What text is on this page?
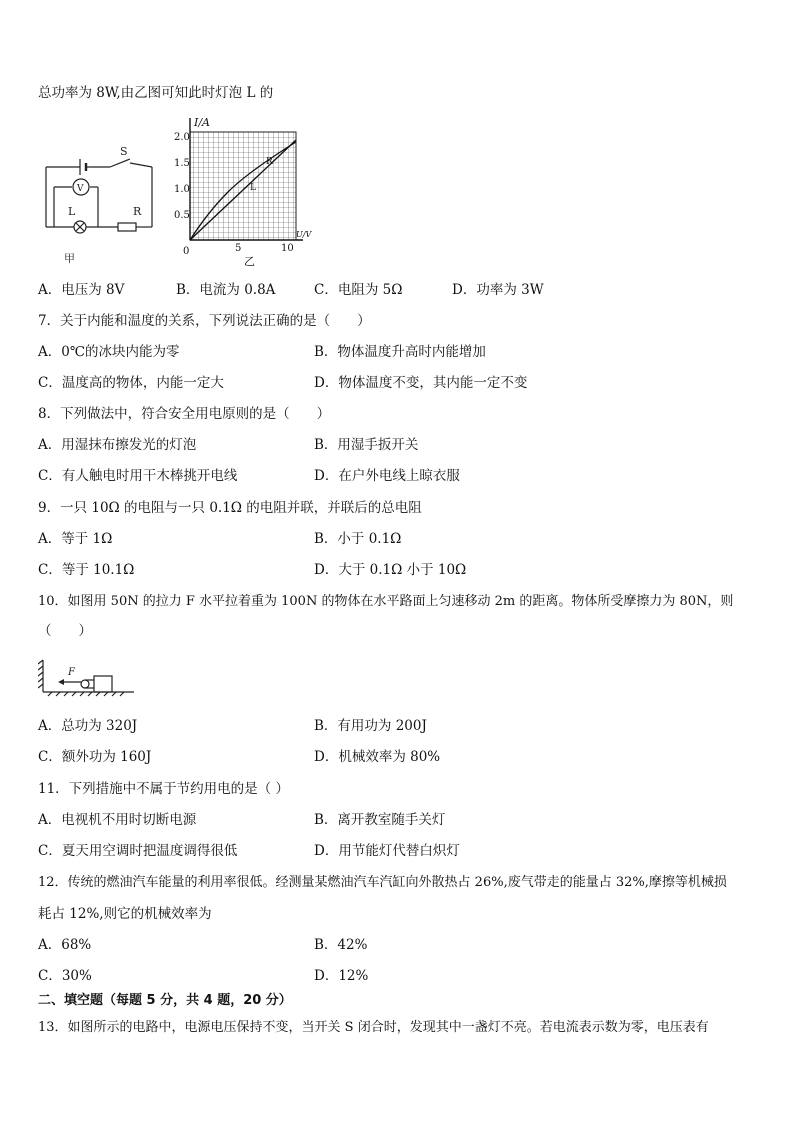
总功率为 8W,由乙图可知此时灯泡 L 的
S
V
L	R
甲
I/A
U/V
0.5
1.0
1.5
2.0
0	5	10
R
L
乙
A．电压为 8V	B．电流为 0.8A	C．电阻为 5Ω	D．功率为 3W
7．关于内能和温度的关系，下列说法正确的是（　　）
A．0℃的冰块内能为零	B．物体温度升高时内能增加
C．温度高的物体，内能一定大	D．物体温度不变，其内能一定不变
8．下列做法中，符合安全用电原则的是（　　）
A．用湿抹布擦发光的灯泡	B．用湿手扳开关
C．有人触电时用干木棒挑开电线	D．在户外电线上晾衣服
9．一只 10Ω 的电阻与一只 0.1Ω 的电阻并联，并联后的总电阻
A．等于 1Ω	B．小于 0.1Ω
C．等于 10.1Ω	D．大于 0.1Ω 小于 10Ω
10．如图用 50N 的拉力 F 水平拉着重为 100N 的物体在水平路面上匀速移动 2m 的距离。物体所受摩擦力为 80N，则
（　　）
F
A．总功为 320J	B．有用功为 200J
C．额外功为 160J	D．机械效率为 80%
11．下列措施中不属于节约用电的是（ ）
A．电视机不用时切断电源	B．离开教室随手关灯
C．夏天用空调时把温度调得很低	D．用节能灯代替白炽灯
12．传统的燃油汽车能量的利用率很低。经测量某燃油汽车汽缸向外散热占 26%,废气带走的能量占 32%,摩擦等机械损
耗占 12%,则它的机械效率为
A．68%	B．42%
C．30%	D．12%
二、填空题（每题 5 分，共 4 题，20 分）
13．如图所示的电路中，电源电压保持不变，当开关 S 闭合时，发现其中一盏灯不亮。若电流表示数为零，电压表有
